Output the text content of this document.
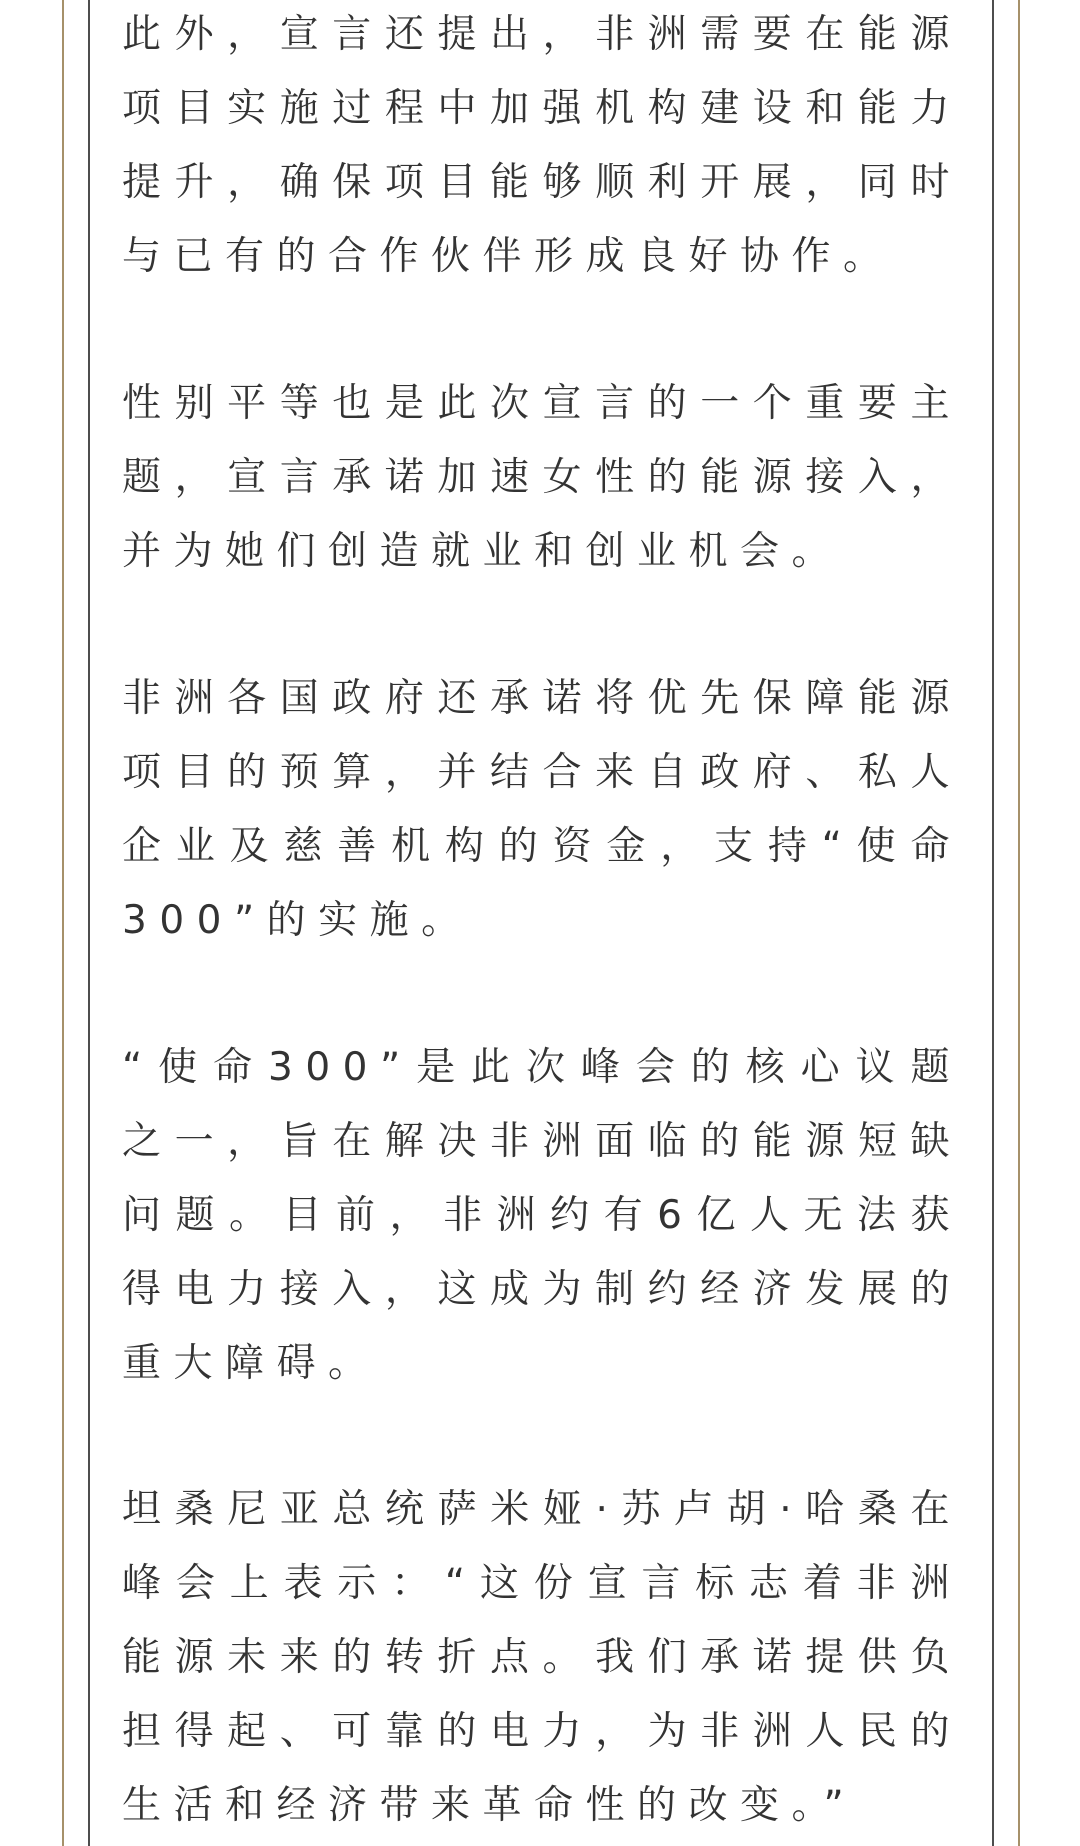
此外，宣言还提出，非洲需要在能源项目实施过程中加强机构建设和能力提升，确保项目能够顺利开展，同时与已有的合作伙伴形成良好协作。

性别平等也是此次宣言的一个重要主题，宣言承诺加速女性的能源接入，并为她们创造就业和创业机会。

非洲各国政府还承诺将优先保障能源项目的预算，并结合来自政府、私人企业及慈善机构的资金，支持“使命300”的实施。

“使命300”是此次峰会的核心议题之一，旨在解决非洲面临的能源短缺问题。目前，非洲约有6亿人无法获得电力接入，这成为制约经济发展的重大障碍。

坦桑尼亚总统萨米娅·苏卢胡·哈桑在峰会上表示：“这份宣言标志着非洲能源未来的转折点。我们承诺提供负担得起、可靠的电力，为非洲人民的生活和经济带来革命性的改变。”
